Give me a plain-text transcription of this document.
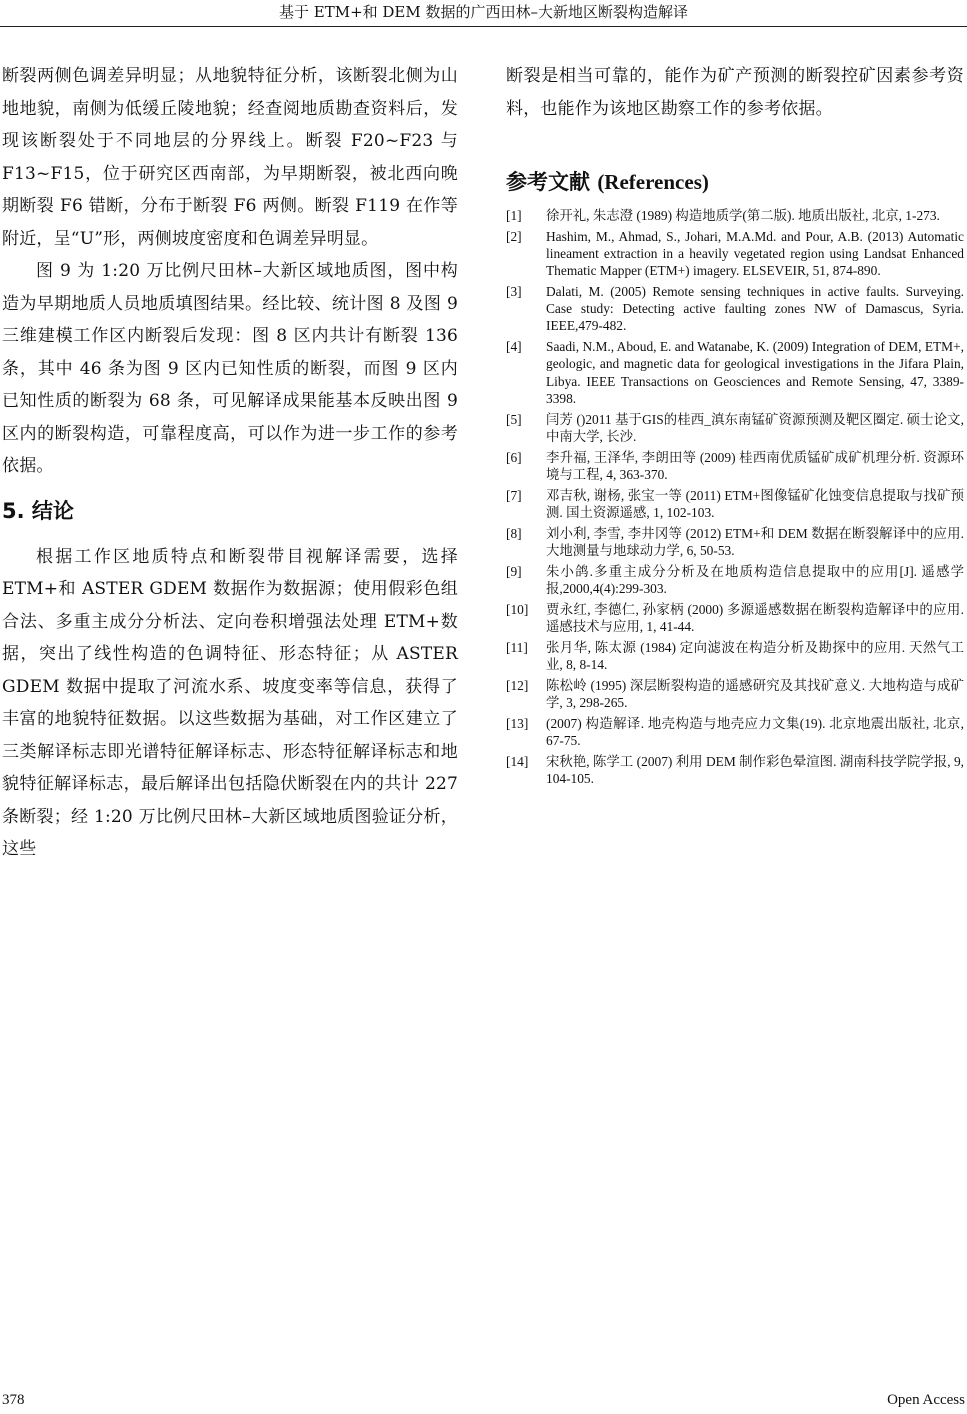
基于 ETM+和 DEM 数据的广西田林–大新地区断裂构造解译

断裂两侧色调差异明显；从地貌特征分析，该断裂北侧为山地地貌，南侧为低缓丘陵地貌；经查阅地质勘查资料后，发现该断裂处于不同地层的分界线上。断裂 F20~F23 与 F13~F15，位于研究区西南部，为早期断裂，被北西向晚期断裂 F6 错断，分布于断裂 F6 两侧。断裂 F119 在作等附近，呈“U”形，两侧坡度密度和色调差异明显。

图 9 为 1:20 万比例尺田林–大新区域地质图，图中构造为早期地质人员地质填图结果。经比较、统计图 8 及图 9 三维建模工作区内断裂后发现：图 8 区内共计有断裂 136 条，其中 46 条为图 9 区内已知性质的断裂，而图 9 区内已知性质的断裂为 68 条，可见解译成果能基本反映出图 9 区内的断裂构造，可靠程度高，可以作为进一步工作的参考依据。

5. 结论

根据工作区地质特点和断裂带目视解译需要，选择 ETM+和 ASTER GDEM 数据作为数据源；使用假彩色组合法、多重主成分分析法、定向卷积增强法处理 ETM+数据，突出了线性构造的色调特征、形态特征；从 ASTER GDEM 数据中提取了河流水系、坡度变率等信息，获得了丰富的地貌特征数据。以这些数据为基础，对工作区建立了三类解译标志即光谱特征解译标志、形态特征解译标志和地貌特征解译标志，最后解译出包括隐伏断裂在内的共计 227 条断裂；经 1:20 万比例尺田林–大新区域地质图验证分析，这些

断裂是相当可靠的，能作为矿产预测的断裂控矿因素参考资料，也能作为该地区勘察工作的参考依据。

参考文献 (References)
[1]	徐开礼, 朱志澄 (1989) 构造地质学(第二版). 地质出版社, 北京, 1-273.
[2]	Hashim, M., Ahmad, S., Johari, M.A.Md. and Pour, A.B. (2013) Automatic lineament extraction in a heavily vegetated region using Landsat Enhanced Thematic Mapper (ETM+) imagery. ELSEVEIR, 51, 874-890.
[3]	Dalati, M. (2005) Remote sensing techniques in active faults. Surveying. Case study: Detecting active faulting zones NW of Damascus, Syria. IEEE,479-482.
[4]	Saadi, N.M., Aboud, E. and Watanabe, K. (2009) Integration of DEM, ETM+, geologic, and magnetic data for geological investigations in the Jifara Plain, Libya. IEEE Transactions on Geosciences and Remote Sensing, 47, 3389-3398.
[5]	闫芳 ()2011 基于GIS的桂西_滇东南锰矿资源预测及靶区圈定. 硕士论文, 中南大学, 长沙.
[6]	李升福, 王泽华, 李朗田等 (2009) 桂西南优质锰矿成矿机理分析. 资源环境与工程, 4, 363-370.
[7]	邓吉秋, 谢杨, 张宝一等 (2011) ETM+图像锰矿化蚀变信息提取与找矿预测. 国土资源遥感, 1, 102-103.
[8]	刘小利, 李雪, 李井冈等 (2012) ETM+和 DEM 数据在断裂解译中的应用. 大地测量与地球动力学, 6, 50-53.
[9]	朱小鸽.多重主成分分析及在地质构造信息提取中的应用[J]. 遥感学报,2000,4(4):299-303.
[10]	贾永红, 李德仁, 孙家柄 (2000) 多源遥感数据在断裂构造解译中的应用. 遥感技术与应用, 1, 41-44.
[11]	张月华, 陈太源 (1984) 定向滤波在构造分析及勘探中的应用. 天然气工业, 8, 8-14.
[12]	陈松岭 (1995) 深层断裂构造的遥感研究及其找矿意义. 大地构造与成矿学, 3, 298-265.
[13]	(2007) 构造解译. 地壳构造与地壳应力文集(19). 北京地震出版社, 北京, 67-75.
[14]	宋秋艳, 陈学工 (2007) 利用 DEM 制作彩色晕渲图. 湖南科技学院学报, 9, 104-105.
378	Open Access
